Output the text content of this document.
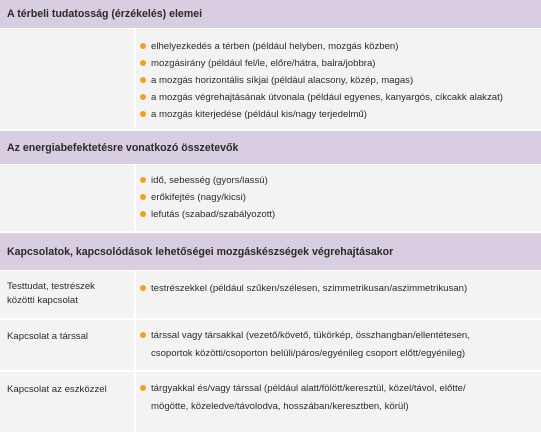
A térbeli tudatosság (érzékelés) elemei
elhelyezkedés a térben (például helyben, mozgás közben)
mozgásirány (például fel/le, előre/hátra, balra/jobbra)
a mozgás horizontális síkjai (például alacsony, közép, magas)
a mozgás végrehajtásának útvonala (például egyenes, kanyargós, cikcakk alakzat)
a mozgás kiterjedése (például kis/nagy terjedelmű)
Az energiabefektetésre vonatkozó összetevők
idő, sebesség (gyors/lassú)
erőkifejtés (nagy/kicsi)
lefutás (szabad/szabályozott)
Kapcsolatok, kapcsolódások lehetőségei mozgáskészségek végrehajtásakor
Testtudat, testrészek
közötti kapcsolat
testrészekkel (például szűken/szélesen, szimmetrikusan/aszimmetrikusan)
Kapcsolat a társsal	társsal vagy társakkal (vezető/követő, tükörkép, összhangban/ellentétesen,
csoportok közötti/csoporton belüli/páros/egyénileg csoport előtt/egyénileg)
Kapcsolat az eszközzel	tárgyakkal és/vagy társsal (például alatt/fölött/keresztül, közel/távol, előtte/
mögötte, közeledve/távolodva, hosszában/keresztben, körül)
